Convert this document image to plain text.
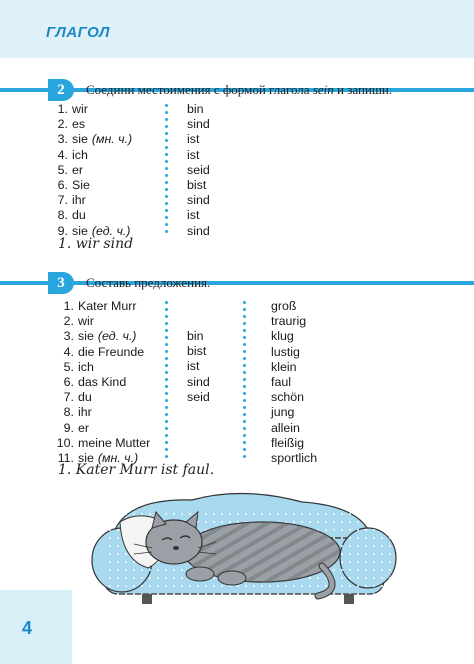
ГЛАГОЛ
2	Соедини местоимения с формой глагола sein и запиши.
1. wir
2. es
3. sie (мн. ч.)
4. ich
5. er
6. Sie
7. ihr
8. du
9. sie (ед. ч.)
bin
sind
ist
ist
seid
bist
sind
ist
sind
1. wir sind
3	Составь предложения.
1. Kater Murr
2. wir
3. sie (ед. ч.)
4. die Freunde
5. ich
6. das Kind
7. du
8. ihr
9. er
10. meine Mutter
11. sie (мн. ч.)
bin
bist
ist
sind
seid
groß
traurig
klug
lustig
klein
faul
schön
jung
allein
fleißig
sportlich
1. Kater Murr ist faul.
4
